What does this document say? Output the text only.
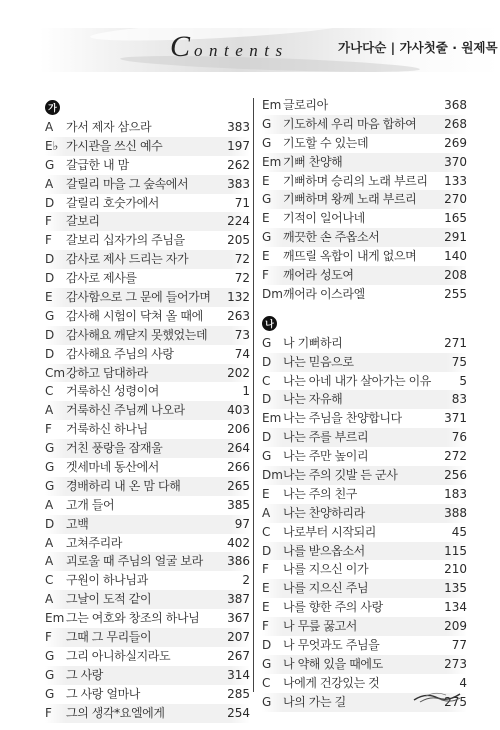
Contents	가나다순 | 가사첫줄 · 원제목
가
A	가서 제자 삼으라	383
E♭ 가시관을 쓰신 예수	197
G 갈급한 내 맘	262
A	갈릴리 마을 그 숲속에서	383
D 갈릴리 호숫가에서	71
F	갈보리	224
F	갈보리 십자가의 주님을	205
D 감사로 제사 드리는 자가	72
D 감사로 제사를	72
E	감사함으로 그 문에 들어가며 132
G 감사해 시험이 닥쳐 올 때에 263
D 감사해요 깨닫지 못했었는데 73
D 감사해요 주님의 사랑	74
Cm 강하고 담대하라	202
C	거룩하신 성령이여	1
A	거룩하신 주님께 나오라	403
F	거룩하신 하나님	206
G 거친 풍랑을 잠재울	264
G 겟세마네 동산에서	266
G 경배하리 내 온 맘 다해	265
A	고개 들어	385
D 고백	97
A	고쳐주리라	402
A	괴로울 때 주님의 얼굴 보라 386
C	구원이 하나님과	2
A	그날이 도적 같이	387
Em 그는 여호와 창조의 하나님 367
F	그때 그 무리들이	207
G 그리 아니하실지라도	267
G 그 사랑	314
G 그 사랑 얼마나	285
F	그의 생각*요엘에게	254
Em 글로리아	368
G 기도하세 우리 마음 합하여 268
G 기도할 수 있는데	269
Em 기뻐 찬양해	370
E	기뻐하며 승리의 노래 부르리 133
G 기뻐하며 왕께 노래 부르리 270
E	기적이 일어나네	165
G 깨끗한 손 주옵소서	291
E	깨뜨릴 옥합이 내게 없으며 140
F	깨어라 성도여	208
Dm 깨어라 이스라엘	255
나
G 나 기뻐하리	271
D 나는 믿음으로	75
C	나는 아네 내가 살아가는 이유 5
D 나는 자유해	83
Em 나는 주님을 찬양합니다	371
D 나는 주를 부르리	76
G 나는 주만 높이리	272
Dm 나는 주의 깃발 든 군사	256
E	나는 주의 친구	183
A	나는 찬양하리라	388
C	나로부터 시작되리	45
D 나를 받으옵소서	115
F	나를 지으신 이가	210
E	나를 지으신 주님	135
E	나를 향한 주의 사랑	134
F	나 무릎 꿇고서	209
D 나 무엇과도 주님을	77
G 나 약해 있을 때에도	273
C	나에게 건강있는 것	4
G 나의 가는 길	275
